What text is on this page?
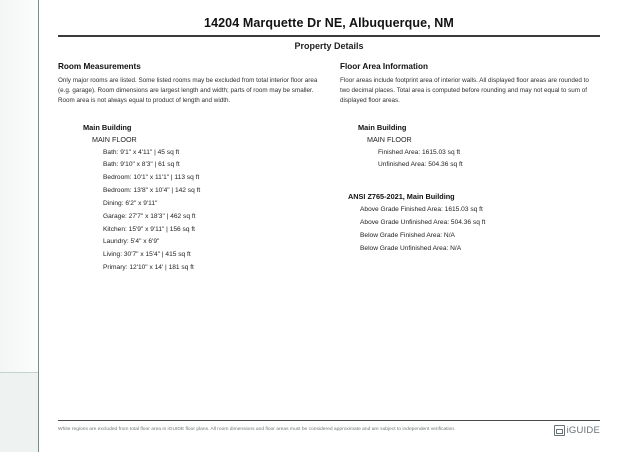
14204 Marquette Dr NE, Albuquerque, NM
Property Details
Room Measurements

Only major rooms are listed. Some listed rooms may be excluded from total interior floor area (e.g. garage). Room dimensions are largest length and width; parts of room may be smaller. Room area is not always equal to product of length and width.

Main Building
MAIN FLOOR
Bath: 9'1" x 4'11" | 45 sq ft
Bath: 9'10" x 8'3" | 61 sq ft
Bedroom: 10'1" x 11'1" | 113 sq ft
Bedroom: 13'8" x 10'4" | 142 sq ft
Dining: 6'2" x 9'11"
Garage: 27'7" x 18'3" | 462 sq ft
Kitchen: 15'9" x 9'11" | 156 sq ft
Laundry: 5'4" x 6'9"
Living: 30'7" x 15'4" | 415 sq ft
Primary: 12'10" x 14' | 181 sq ft
Floor Area Information

Floor areas include footprint area of interior walls. All displayed floor areas are rounded to two decimal places. Total area is computed before rounding and may not equal to sum of displayed floor areas.

Main Building
MAIN FLOOR
Finished Area: 1615.03 sq ft
Unfinished Area: 504.36 sq ft
ANSI Z765-2021, Main Building
Above Grade Finished Area: 1615.03 sq ft
Above Grade Unfinished Area: 504.36 sq ft
Below Grade Finished Area: N/A
Below Grade Unfinished Area: N/A
White regions are excluded from total floor area in iGUIDE floor plans. All room dimensions and floor areas must be considered approximate and are subject to independent verification.	iGUIDE
